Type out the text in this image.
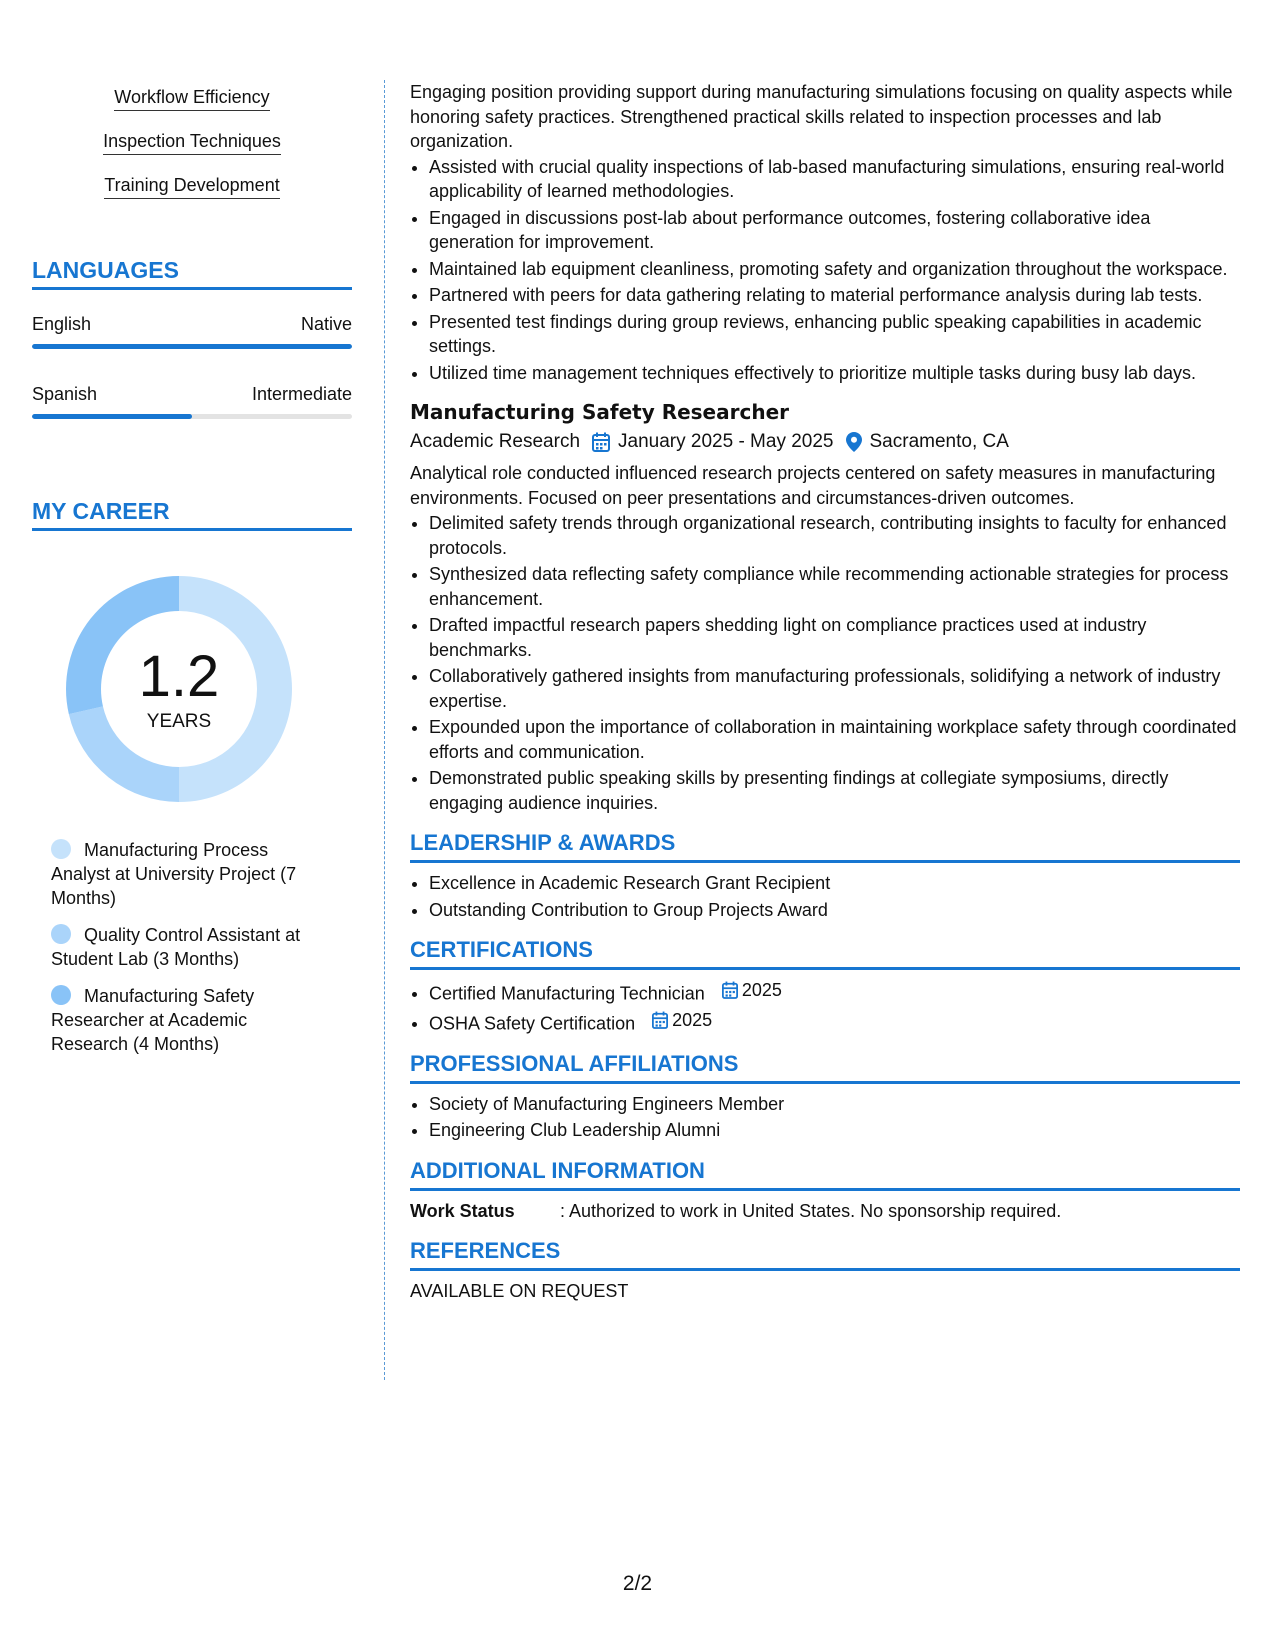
Workflow Efficiency
Inspection Techniques
Training Development
LANGUAGES
English	Native
Spanish	Intermediate
MY CAREER
1.2
YEARS
Manufacturing Process Analyst at University Project (7 Months)
Quality Control Assistant at Student Lab (3 Months)
Manufacturing Safety Researcher at Academic Research (4 Months)

Engaging position providing support during manufacturing simulations focusing on quality aspects while honoring safety practices. Strengthened practical skills related to inspection processes and lab organization.

• Assisted with crucial quality inspections of lab-based manufacturing simulations, ensuring real-world applicability of learned methodologies.
• Engaged in discussions post-lab about performance outcomes, fostering collaborative idea generation for improvement.
• Maintained lab equipment cleanliness, promoting safety and organization throughout the workspace.
• Partnered with peers for data gathering relating to material performance analysis during lab tests.
• Presented test findings during group reviews, enhancing public speaking capabilities in academic settings.
• Utilized time management techniques effectively to prioritize multiple tasks during busy lab days.
Manufacturing Safety Researcher
Academic Research January 2025 - May 2025 Sacramento, CA

Analytical role conducted influenced research projects centered on safety measures in manufacturing environments. Focused on peer presentations and circumstances-driven outcomes.

• Delimited safety trends through organizational research, contributing insights to faculty for enhanced protocols.
• Synthesized data reflecting safety compliance while recommending actionable strategies for process enhancement.
• Drafted impactful research papers shedding light on compliance practices used at industry benchmarks.
• Collaboratively gathered insights from manufacturing professionals, solidifying a network of industry expertise.
• Expounded upon the importance of collaboration in maintaining workplace safety through coordinated efforts and communication.
• Demonstrated public speaking skills by presenting findings at collegiate symposiums, directly engaging audience inquiries.
LEADERSHIP & AWARDS
• Excellence in Academic Research Grant Recipient
• Outstanding Contribution to Group Projects Award
CERTIFICATIONS
• Certified Manufacturing Technician 2025
• OSHA Safety Certification 2025
PROFESSIONAL AFFILIATIONS
• Society of Manufacturing Engineers Member
• Engineering Club Leadership Alumni
ADDITIONAL INFORMATION
Work Status	: Authorized to work in United States. No sponsorship required.
REFERENCES

AVAILABLE ON REQUEST

2/2
